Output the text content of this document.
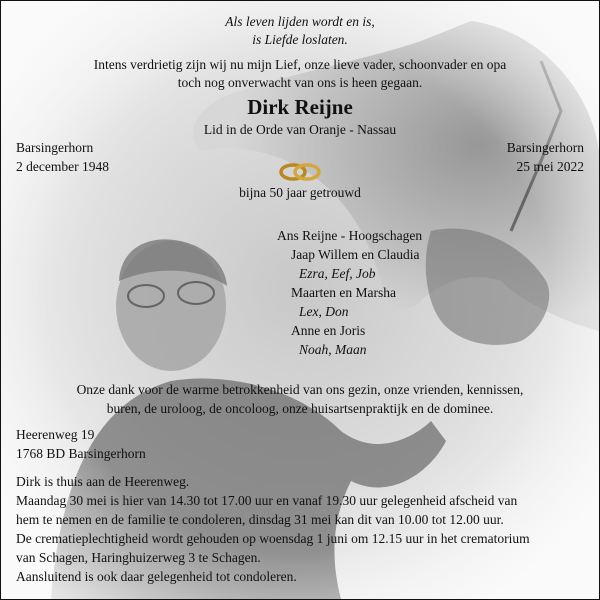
Als leven lijden wordt en is,
is Liefde loslaten.
Intens verdrietig zijn wij nu mijn Lief, onze lieve vader, schoonvader en opa
toch nog onverwacht van ons is heen gegaan.
Dirk Reijne
Lid in de Orde van Oranje - Nassau
Barsingerhorn
2 december 1948
Barsingerhorn
25 mei 2022
bijna 50 jaar getrouwd
Ans Reijne - Hoogschagen
Jaap Willem en Claudia
Ezra, Eef, Job
Maarten en Marsha
Lex, Don
Anne en Joris
Noah, Maan
Onze dank voor de warme betrokkenheid van ons gezin, onze vrienden, kennissen,
buren, de uroloog, de oncoloog, onze huisartsenpraktijk en de dominee.
Heerenweg 19
1768 BD Barsingerhorn
Dirk is thuis aan de Heerenweg.
Maandag 30 mei is hier van 14.30 tot 17.00 uur en vanaf 19.30 uur gelegenheid afscheid van
hem te nemen en de familie te condoleren, dinsdag 31 mei kan dit van 10.00 tot 12.00 uur.
De crematieplechtigheid wordt gehouden op woensdag 1 juni om 12.15 uur in het crematorium
van Schagen, Haringhuizerweg 3 te Schagen.
Aansluitend is ook daar gelegenheid tot condoleren.
